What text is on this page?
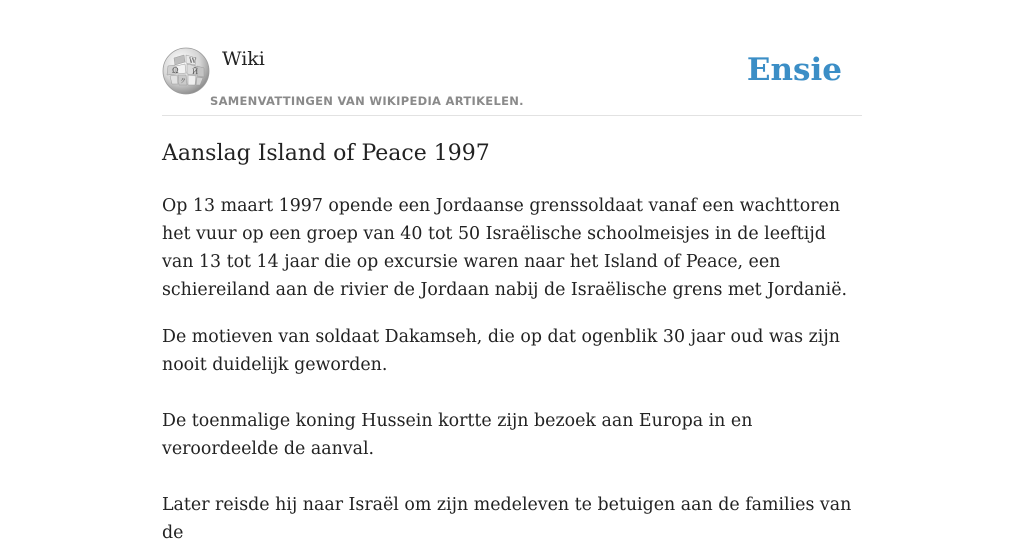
W
Ω Й
ク
Wiki
SAMENVATTINGEN VAN WIKIPEDIA ARTIKELEN.
Ensie
Aanslag Island of Peace 1997

Op 13 maart 1997 opende een Jordaanse grenssoldaat vanaf een wachttoren het vuur op een groep van 40 tot 50 Israëlische schoolmeisjes in de leeftijd van 13 tot 14 jaar die op excursie waren naar het Island of Peace, een schiereiland aan de rivier de Jordaan nabij de Israëlische grens met Jordanië.

De motieven van soldaat Dakamseh, die op dat ogenblik 30 jaar oud was zijn nooit duidelijk geworden.

De toenmalige koning Hussein kortte zijn bezoek aan Europa in en veroordeelde de aanval.

Later reisde hij naar Israël om zijn medeleven te betuigen aan de families van de
